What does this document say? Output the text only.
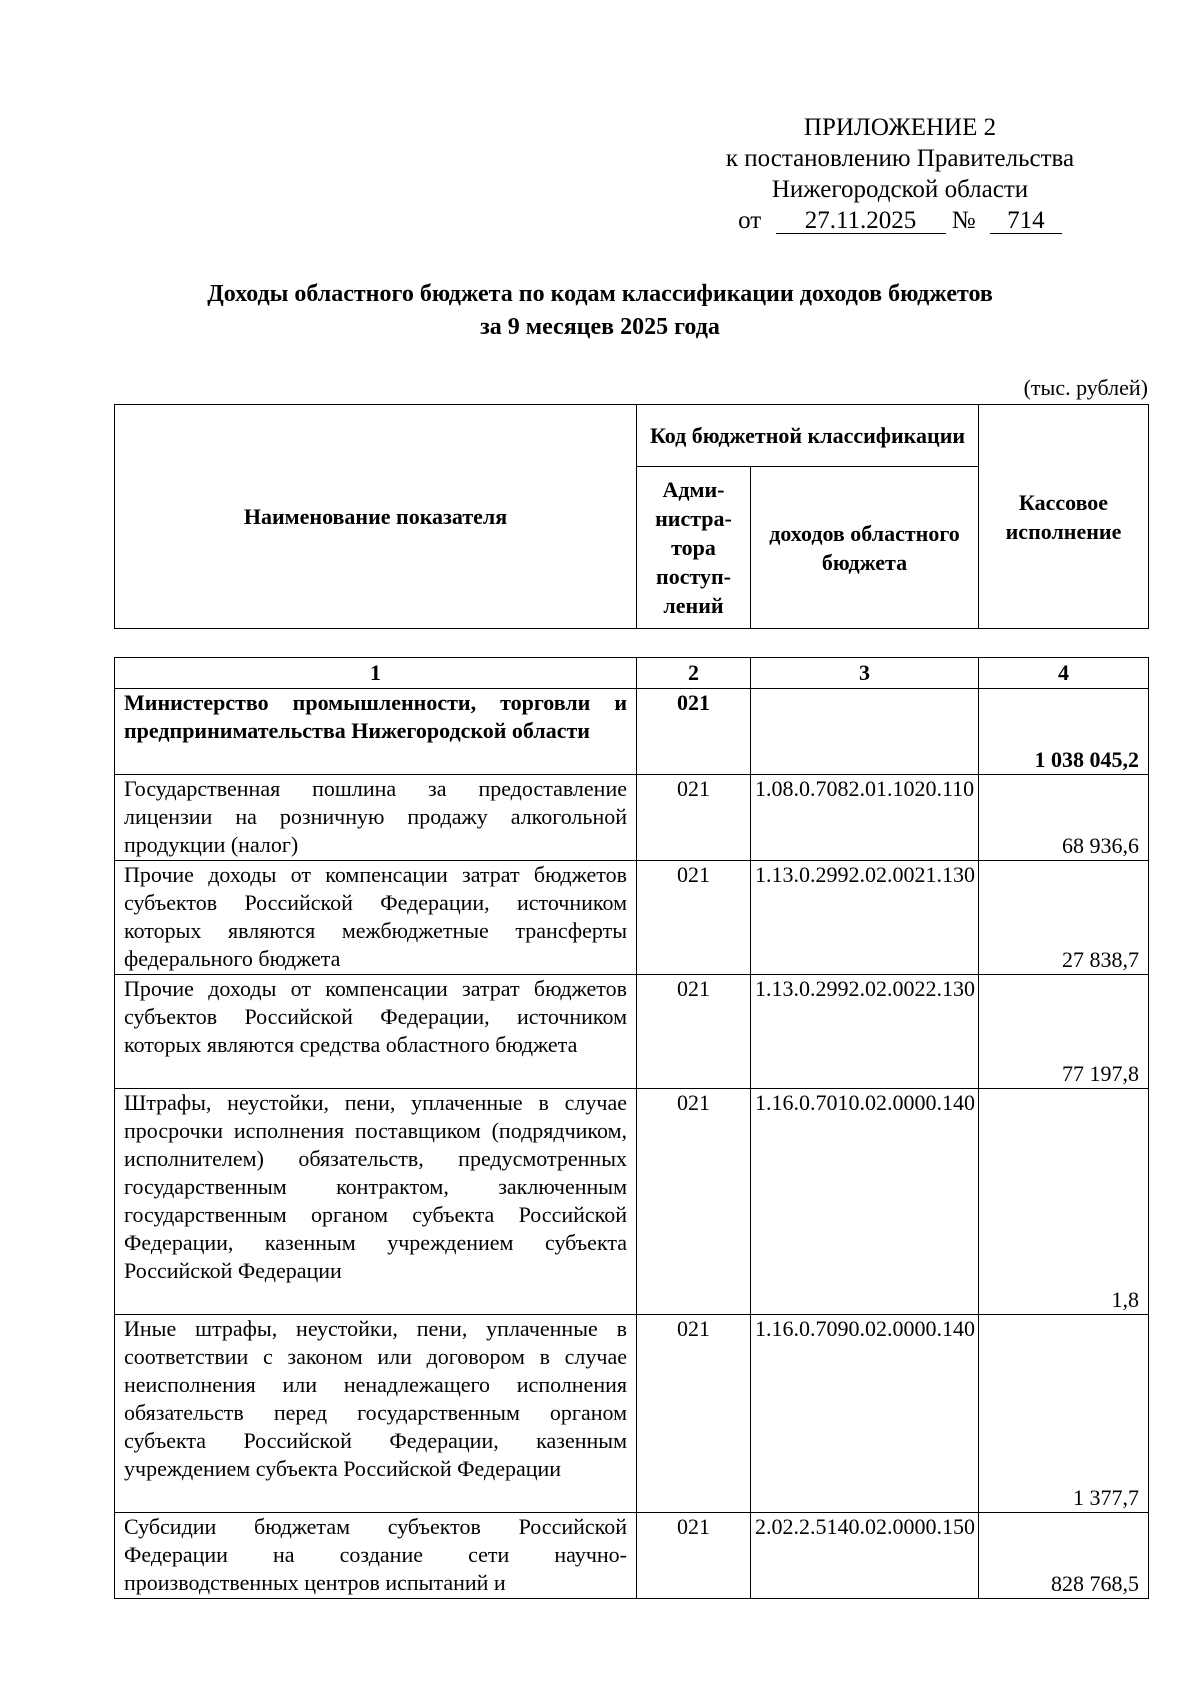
ПРИЛОЖЕНИЕ 2
к постановлению Правительства
Нижегородской области
от 27.11.2025 № 714
Доходы областного бюджета по кодам классификации доходов бюджетов
за 9 месяцев 2025 года
(тыс. рублей)
Наименование показателя	Код бюджетной классификации		Кассовое исполнение
	Адми-нистра-тора поступ-лений	доходов областного бюджета	
1	2	3	4
Министерство промышленности, торговли и предпринимательства Нижегородской области	021		1 038 045,2
Государственная пошлина за предоставление лицензии на розничную продажу алкогольной продукции (налог)	021	1.08.0.7082.01.1020.110	68 936,6
Прочие доходы от компенсации затрат бюджетов субъектов Российской Федерации, источником которых являются межбюджетные трансферты федерального бюджета	021	1.13.0.2992.02.0021.130	27 838,7
Прочие доходы от компенсации затрат бюджетов субъектов Российской Федерации, источником которых являются средства областного бюджета	021	1.13.0.2992.02.0022.130	77 197,8
Штрафы, неустойки, пени, уплаченные в случае просрочки исполнения поставщиком (подрядчиком, исполнителем) обязательств, предусмотренных государственным контрактом, заключенным государственным органом субъекта Российской Федерации, казенным учреждением субъекта Российской Федерации	021	1.16.0.7010.02.0000.140	1,8
Иные штрафы, неустойки, пени, уплаченные в соответствии с законом или договором в случае неисполнения или ненадлежащего исполнения обязательств перед государственным органом субъекта Российской Федерации, казенным учреждением субъекта Российской Федерации	021	1.16.0.7090.02.0000.140	1 377,7
Субсидии бюджетам субъектов Российской Федерации на создание сети научно-производственных центров испытаний и	021	2.02.2.5140.02.0000.150	828 768,5
